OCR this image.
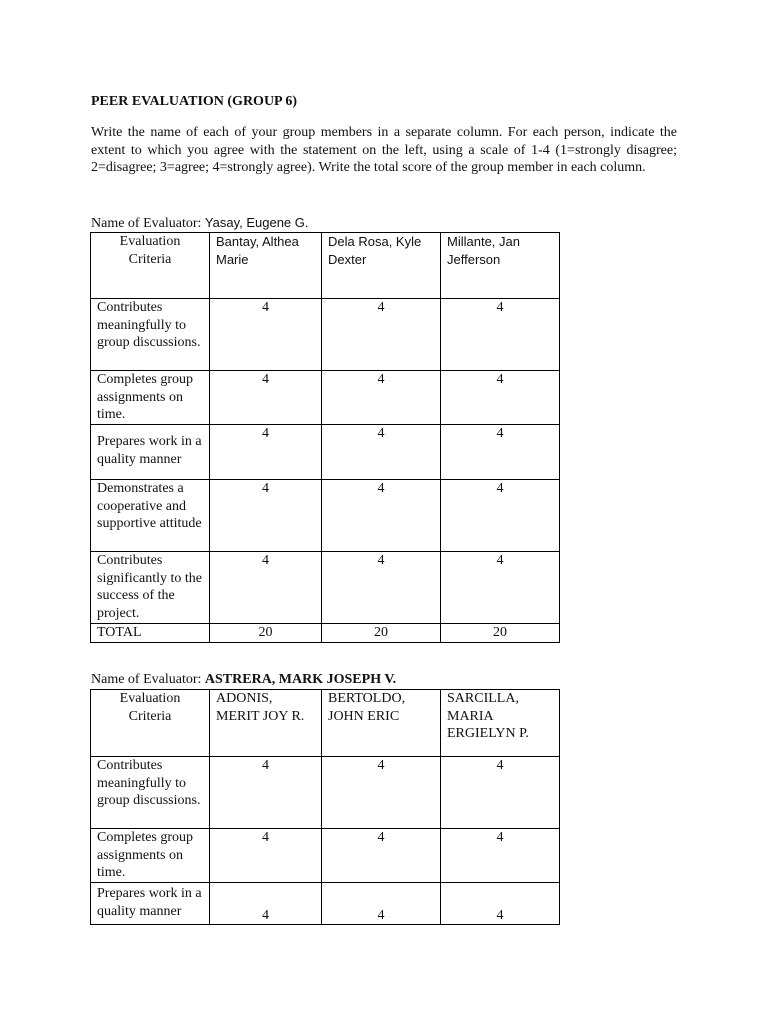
PEER EVALUATION (GROUP 6)

Write the name of each of your group members in a separate column. For each person, indicate the extent to which you agree with the statement on the left, using a scale of 1-4 (1=strongly disagree; 2=disagree; 3=agree; 4=strongly agree). Write the total score of the group member in each column.

Name of Evaluator: Yasay, Eugene G.

Evaluation Criteria	Bantay, Althea Marie	Dela Rosa, Kyle Dexter	Millante, Jan Jefferson
Contributes meaningfully to group discussions.	4	4	4
Completes group assignments on time.	4	4	4
Prepares work in a quality manner	4	4	4
Demonstrates a cooperative and supportive attitude	4	4	4
Contributes significantly to the success of the project.	4	4	4
TOTAL	20	20	20

Name of Evaluator: ASTRERA, MARK JOSEPH V.

Evaluation Criteria	ADONIS, MERIT JOY R.	BERTOLDO, JOHN ERIC	SARCILLA, MARIA ERGIELYN P.
Contributes meaningfully to group discussions.	4	4	4
Completes group assignments on time.	4	4	4
Prepares work in a quality manner	4	4	4
